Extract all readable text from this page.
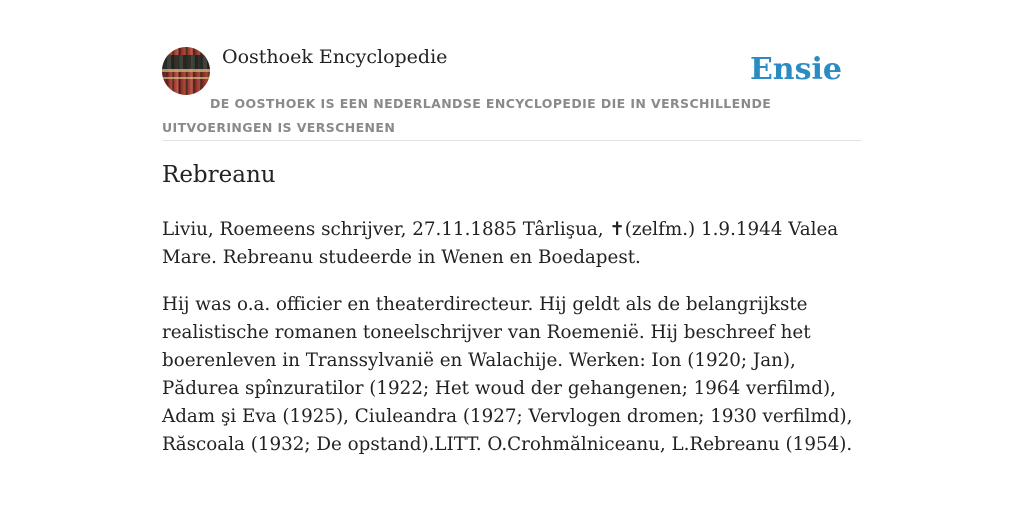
Oosthoek Encyclopedie	Ensie
DE OOSTHOEK IS EEN NEDERLANDSE ENCYCLOPEDIE DIE IN VERSCHILLENDE UITVOERINGEN IS VERSCHENEN
Rebreanu

Liviu, Roemeens schrijver, 27.11.1885 Târlişua, ✝(zelfm.) 1.9.1944 Valea Mare. Rebreanu studeerde in Wenen en Boedapest.

Hij was o.a. officier en theaterdirecteur. Hij geldt als de belangrijkste realistische romanen toneelschrijver van Roemenië. Hij beschreef het boerenleven in Transsylvanië en Walachije. Werken: Ion (1920; Jan), Pădurea spînzuratilor (1922; Het woud der gehangenen; 1964 verfilmd), Adam şi Eva (1925), Ciuleandra (1927; Vervlogen dromen; 1930 verfilmd), Răscoala (1932; De opstand).LITT. O.Crohmălniceanu, L.Rebreanu (1954).
